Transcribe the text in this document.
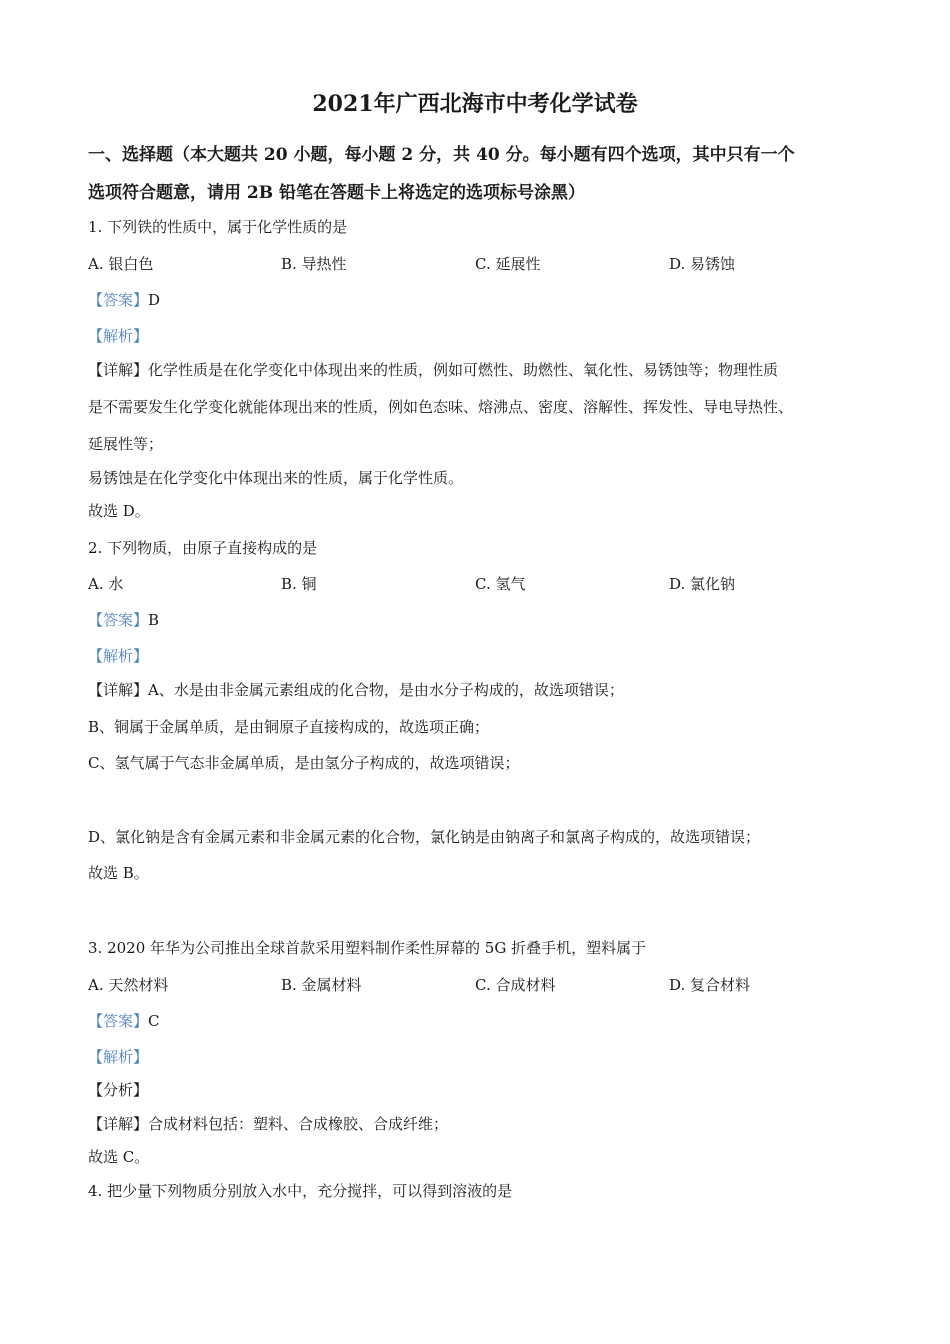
2021年广西北海市中考化学试卷
一、选择题（本大题共 20 小题，每小题 2 分，共 40 分。每小题有四个选项，其中只有一个
选项符合题意，请用 2B 铅笔在答题卡上将选定的选项标号涂黑）
1. 下列铁的性质中，属于化学性质的是
A. 银白色	B. 导热性	C. 延展性	D. 易锈蚀
【答案】D
【解析】
【详解】化学性质是在化学变化中体现出来的性质，例如可燃性、助燃性、氧化性、易锈蚀等；物理性质
是不需要发生化学变化就能体现出来的性质，例如色态味、熔沸点、密度、溶解性、挥发性、导电导热性、
延展性等；
易锈蚀是在化学变化中体现出来的性质，属于化学性质。
故选 D。
2. 下列物质，由原子直接构成的是
A. 水	B. 铜	C. 氢气	D. 氯化钠
【答案】B
【解析】
【详解】A、水是由非金属元素组成的化合物，是由水分子构成的，故选项错误；
B、铜属于金属单质，是由铜原子直接构成的，故选项正确；
C、氢气属于气态非金属单质，是由氢分子构成的，故选项错误；
D、氯化钠是含有金属元素和非金属元素的化合物，氯化钠是由钠离子和氯离子构成的，故选项错误；
故选 B。
3. 2020 年华为公司推出全球首款采用塑料制作柔性屏幕的 5G 折叠手机，塑料属于
A. 天然材料	B. 金属材料	C. 合成材料	D. 复合材料
【答案】C
【解析】
【分析】
【详解】合成材料包括：塑料、合成橡胶、合成纤维；
故选 C。
4. 把少量下列物质分别放入水中，充分搅拌，可以得到溶液的是
